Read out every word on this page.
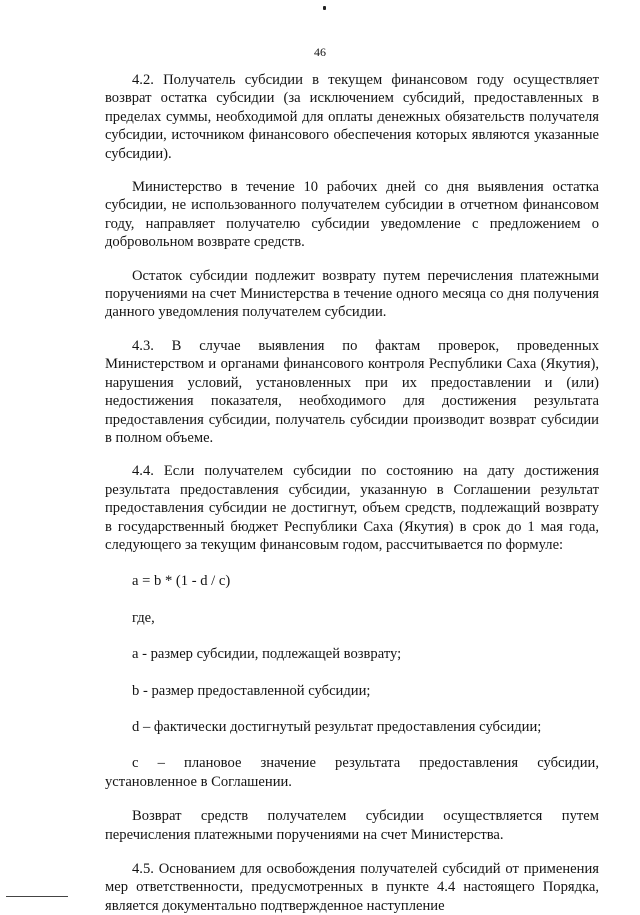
46

4.2. Получатель субсидии в текущем финансовом году осуществляет возврат остатка субсидии (за исключением субсидий, предоставленных в пределах суммы, необходимой для оплаты денежных обязательств получателя субсидии, источником финансового обеспечения которых являются указанные субсидии).

Министерство в течение 10 рабочих дней со дня выявления остатка субсидии, не использованного получателем субсидии в отчетном финансовом году, направляет получателю субсидии уведомление с предложением о добровольном возврате средств.

Остаток субсидии подлежит возврату путем перечисления платежными поручениями на счет Министерства в течение одного месяца со дня получения данного уведомления получателем субсидии.

4.3. В случае выявления по фактам проверок, проведенных Министерством и органами финансового контроля Республики Саха (Якутия), нарушения условий, установленных при их предоставлении и (или) недостижения показателя, необходимого для достижения результата предоставления субсидии, получатель субсидии производит возврат субсидии в полном объеме.

4.4. Если получателем субсидии по состоянию на дату достижения результата предоставления субсидии, указанную в Соглашении результат предоставления субсидии не достигнут, объем средств, подлежащий возврату в государственный бюджет Республики Саха (Якутия) в срок до 1 мая года, следующего за текущим финансовым годом, рассчитывается по формуле:

a = b * (1 - d / c)

где,

a - размер субсидии, подлежащей возврату;

b - размер предоставленной субсидии;

d – фактически достигнутый результат предоставления субсидии;

c – плановое значение результата предоставления субсидии, установленное в Соглашении.

Возврат средств получателем субсидии осуществляется путем перечисления платежными поручениями на счет Министерства.

4.5. Основанием для освобождения получателей субсидий от применения мер ответственности, предусмотренных в пункте 4.4 настоящего Порядка, является документально подтвержденное наступление
